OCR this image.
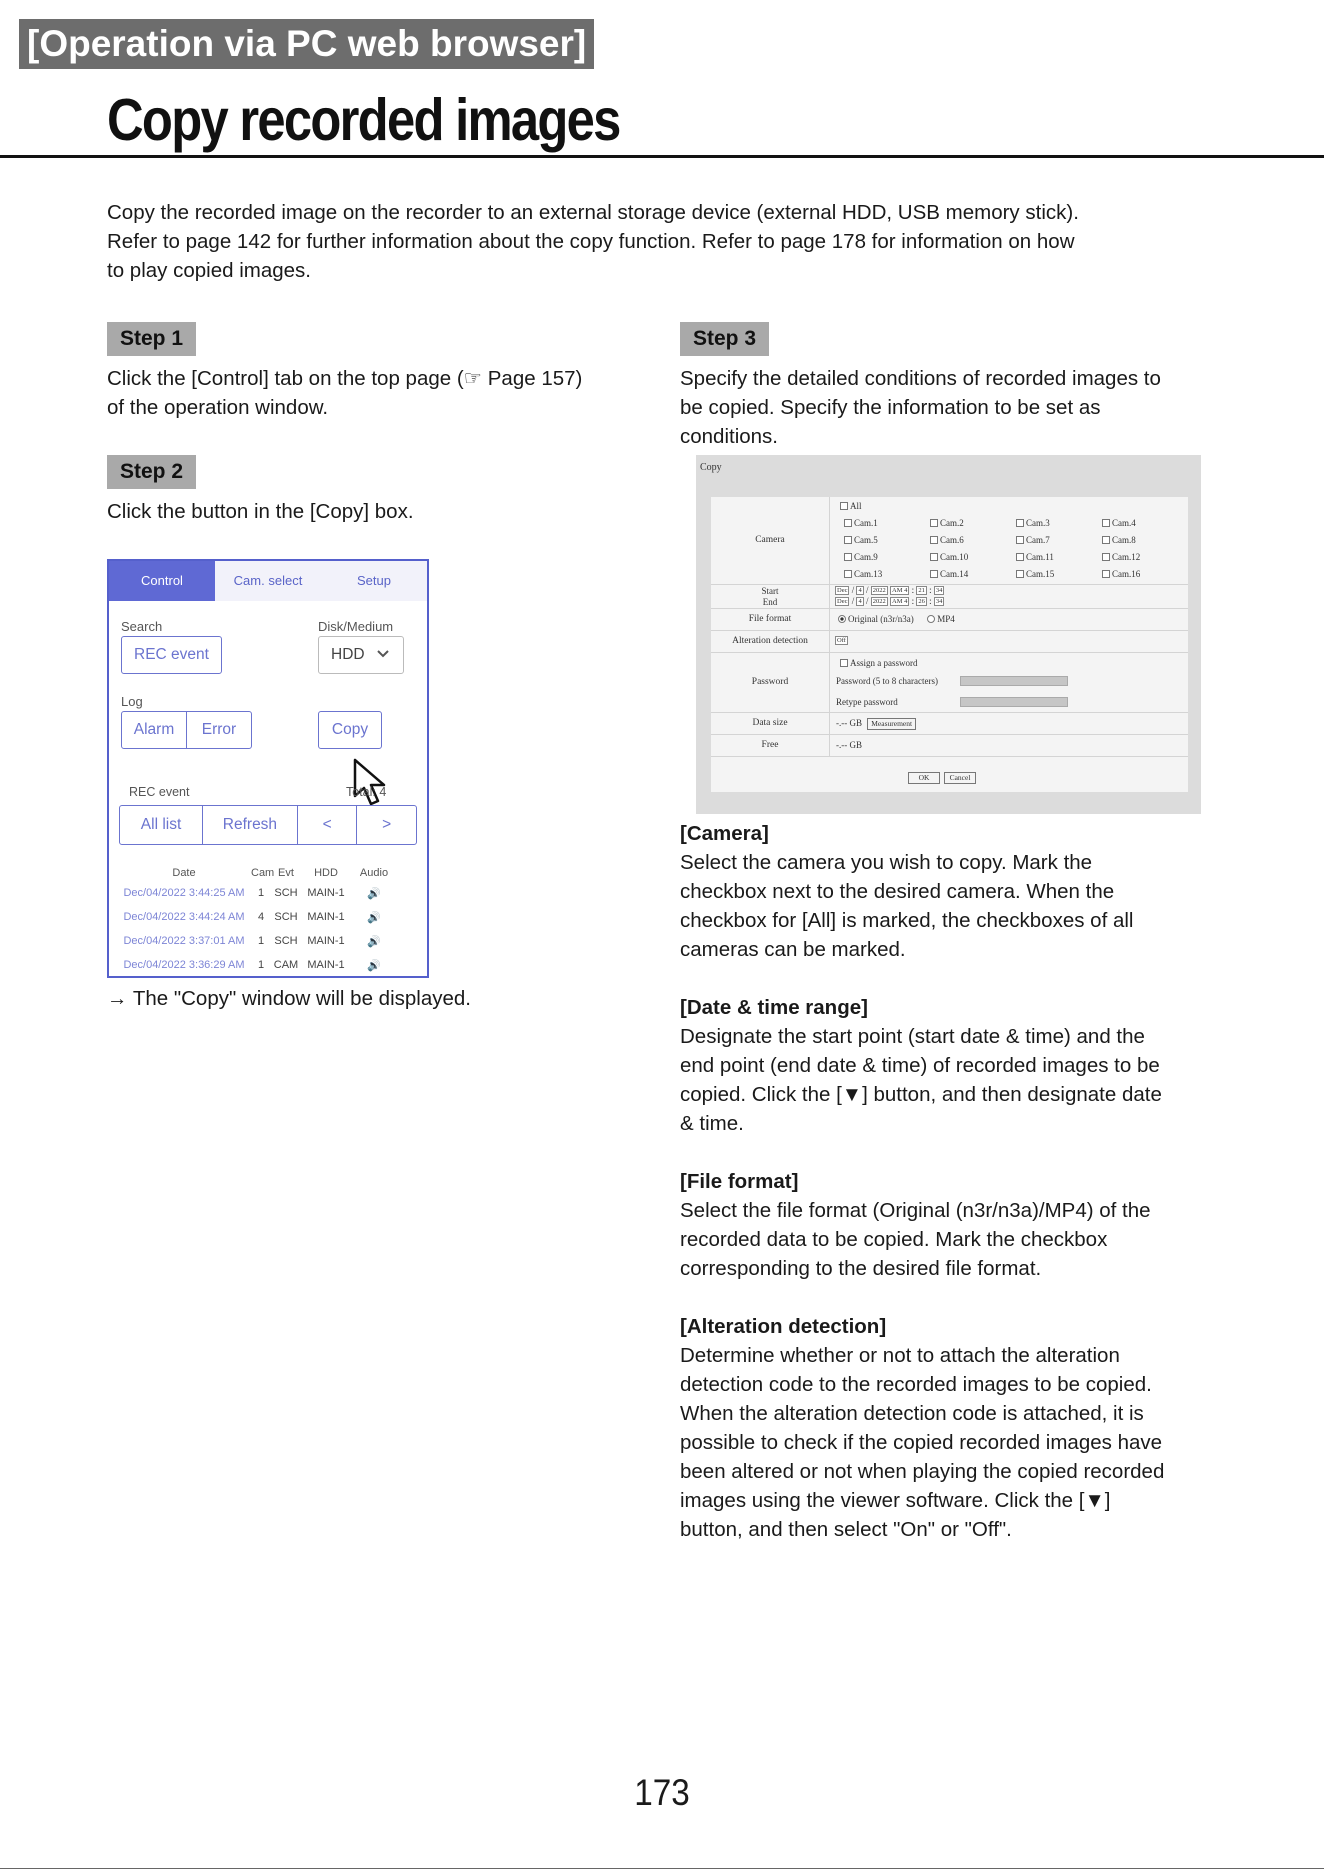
[Operation via PC web browser]
Copy recorded images

Copy the recorded image on the recorder to an external storage device (external HDD, USB memory stick).

Refer to page 142 for further information about the copy function. Refer to page 178 for information on how

to play copied images.

Step 1
Click the [Control] tab on the top page (☞ Page 157)
of the operation window.
Step 2
Click the button in the [Copy] box.
Control	Cam. select	Setup
Search
REC event
Disk/Medium
HDD
Log
Alarm	Error	Copy
REC event	Total: 4
All list	Refresh	<	>
Date	Cam Evt	HDD	Audio
Dec/04/2022 3:44:25 AM	1 SCH MAIN-1	🔊
Dec/04/2022 3:44:24 AM	4 SCH MAIN-1	🔊
Dec/04/2022 3:37:01 AM	1 SCH MAIN-1	🔊
Dec/04/2022 3:36:29 AM	1 CAM MAIN-1	🔊
→ The "Copy" window will be displayed.
Step 3
Specify the detailed conditions of recorded images to
be copied. Specify the information to be set as
conditions.
Copy
Camera
All
Cam.1	Cam.2	Cam.3	Cam.4
Cam.5	Cam.6	Cam.7	Cam.8
Cam.9	Cam.10	Cam.11	Cam.12
Cam.13	Cam.14	Cam.15	Cam.16
Start
End
Dec / 4 / 2022 AM 4 : 21 : 34
Dec / 4 / 2022 AM 4 : 26 : 34
File format	Original (n3r/n3a)	MP4
Alteration detection	Off
Password
Assign a password
Password (5 to 8 characters)
Retype password
Data size	-.-- GB Measurement
Free	-.-- GB
OK	Cancel
[Camera]
Select the camera you wish to copy. Mark the
checkbox next to the desired camera. When the
checkbox for [All] is marked, the checkboxes of all
cameras can be marked.
[Date & time range]
Designate the start point (start date & time) and the
end point (end date & time) of recorded images to be
copied. Click the [▼] button, and then designate date
& time.
[File format]
Select the file format (Original (n3r/n3a)/MP4) of the
recorded data to be copied. Mark the checkbox
corresponding to the desired file format.
[Alteration detection]
Determine whether or not to attach the alteration
detection code to the recorded images to be copied.
When the alteration detection code is attached, it is
possible to check if the copied recorded images have
been altered or not when playing the copied recorded
images using the viewer software. Click the [▼]
button, and then select "On" or "Off".
173
